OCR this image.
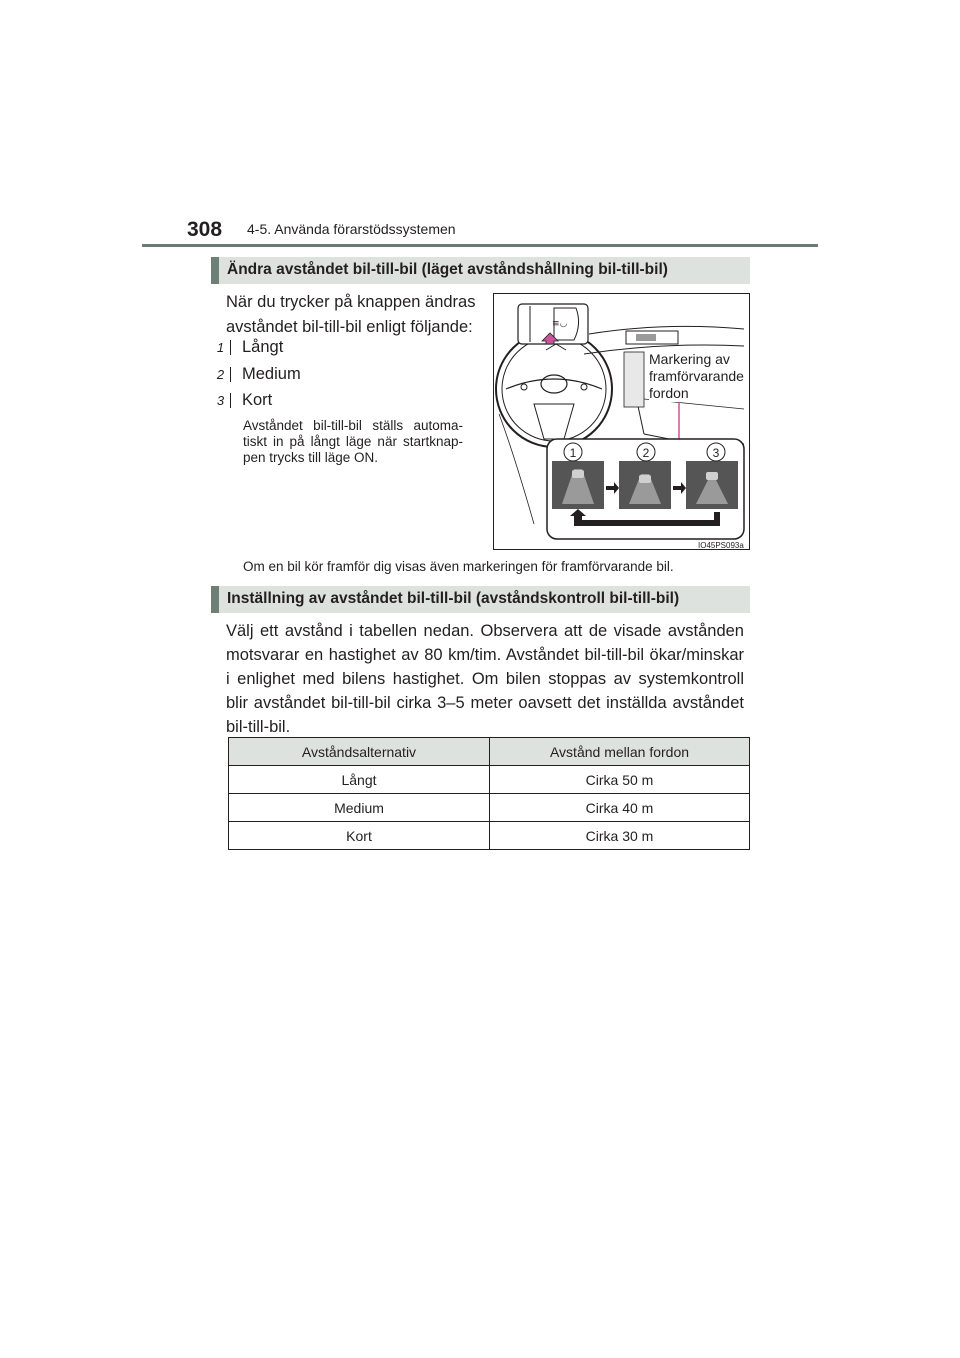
308 4-5. Använda förarstödssystemen
Ändra avståndet bil-till-bil (läget avståndshållning bil-till-bil)
När du trycker på knappen ändras avståndet bil-till-bil enligt följande:
1 Långt
2 Medium
3 Kort
Avståndet bil-till-bil ställs automa-tiskt in på långt läge när startknap-pen trycks till läge ON.
≡◡
1	2	3
Markering av framförvarande fordon
IO45PS093a
Om en bil kör framför dig visas även markeringen för framförvarande bil.
Inställning av avståndet bil-till-bil (avståndskontroll bil-till-bil)
Välj ett avstånd i tabellen nedan. Observera att de visade avstånden motsvarar en hastighet av 80 km/tim. Avståndet bil-till-bil ökar/minskar i enlighet med bilens hastighet. Om bilen stoppas av systemkontroll blir avståndet bil-till-bil cirka 3–5 meter oavsett det inställda avståndet bil-till-bil.
Avståndsalternativ	Avstånd mellan fordon
Långt	Cirka 50 m
Medium	Cirka 40 m
Kort	Cirka 30 m
